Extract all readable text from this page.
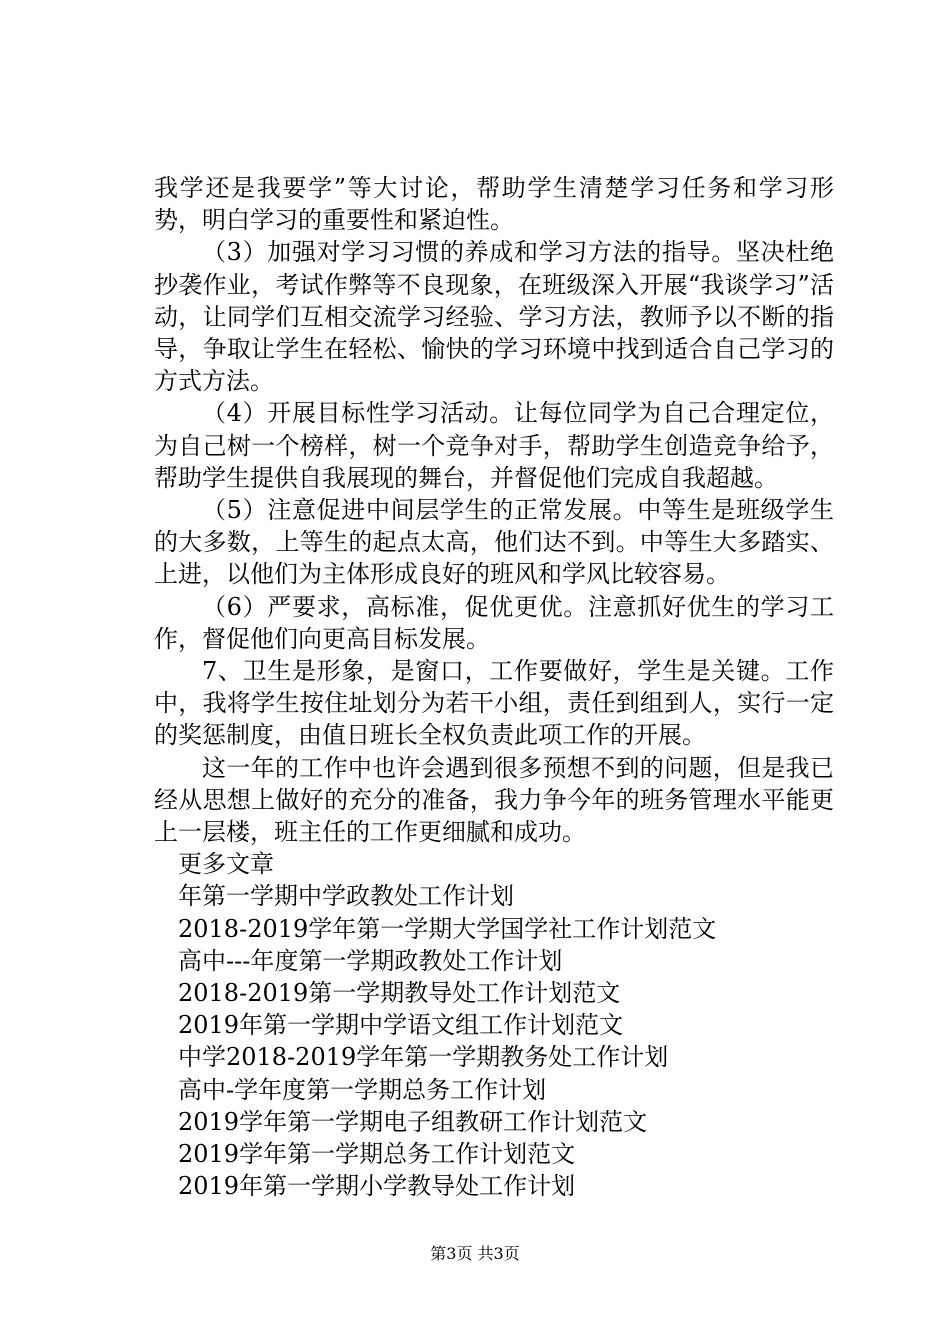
我学还是我要学”等大讨论，帮助学生清楚学习任务和学习形势，明白学习的重要性和紧迫性。

（3）加强对学习习惯的养成和学习方法的指导。坚决杜绝抄袭作业，考试作弊等不良现象，在班级深入开展“我谈学习”活动，让同学们互相交流学习经验、学习方法，教师予以不断的指导，争取让学生在轻松、愉快的学习环境中找到适合自己学习的方式方法。

（4）开展目标性学习活动。让每位同学为自己合理定位，为自己树一个榜样，树一个竞争对手，帮助学生创造竞争给予，帮助学生提供自我展现的舞台，并督促他们完成自我超越。

（5）注意促进中间层学生的正常发展。中等生是班级学生的大多数，上等生的起点太高，他们达不到。中等生大多踏实、上进，以他们为主体形成良好的班风和学风比较容易。

（6）严要求，高标准，促优更优。注意抓好优生的学习工作，督促他们向更高目标发展。

7、卫生是形象，是窗口，工作要做好，学生是关键。工作中，我将学生按住址划分为若干小组，责任到组到人，实行一定的奖惩制度，由值日班长全权负责此项工作的开展。

这一年的工作中也许会遇到很多预想不到的问题，但是我已经从思想上做好的充分的准备，我力争今年的班务管理水平能更上一层楼，班主任的工作更细腻和成功。

更多文章

年第一学期中学政教处工作计划
2018-2019学年第一学期大学国学社工作计划范文
高中---年度第一学期政教处工作计划
2018-2019第一学期教导处工作计划范文
2019年第一学期中学语文组工作计划范文
中学2018-2019学年第一学期教务处工作计划
高中-学年度第一学期总务工作计划
2019学年第一学期电子组教研工作计划范文
2019学年第一学期总务工作计划范文
2019年第一学期小学教导处工作计划
第3页 共3页
